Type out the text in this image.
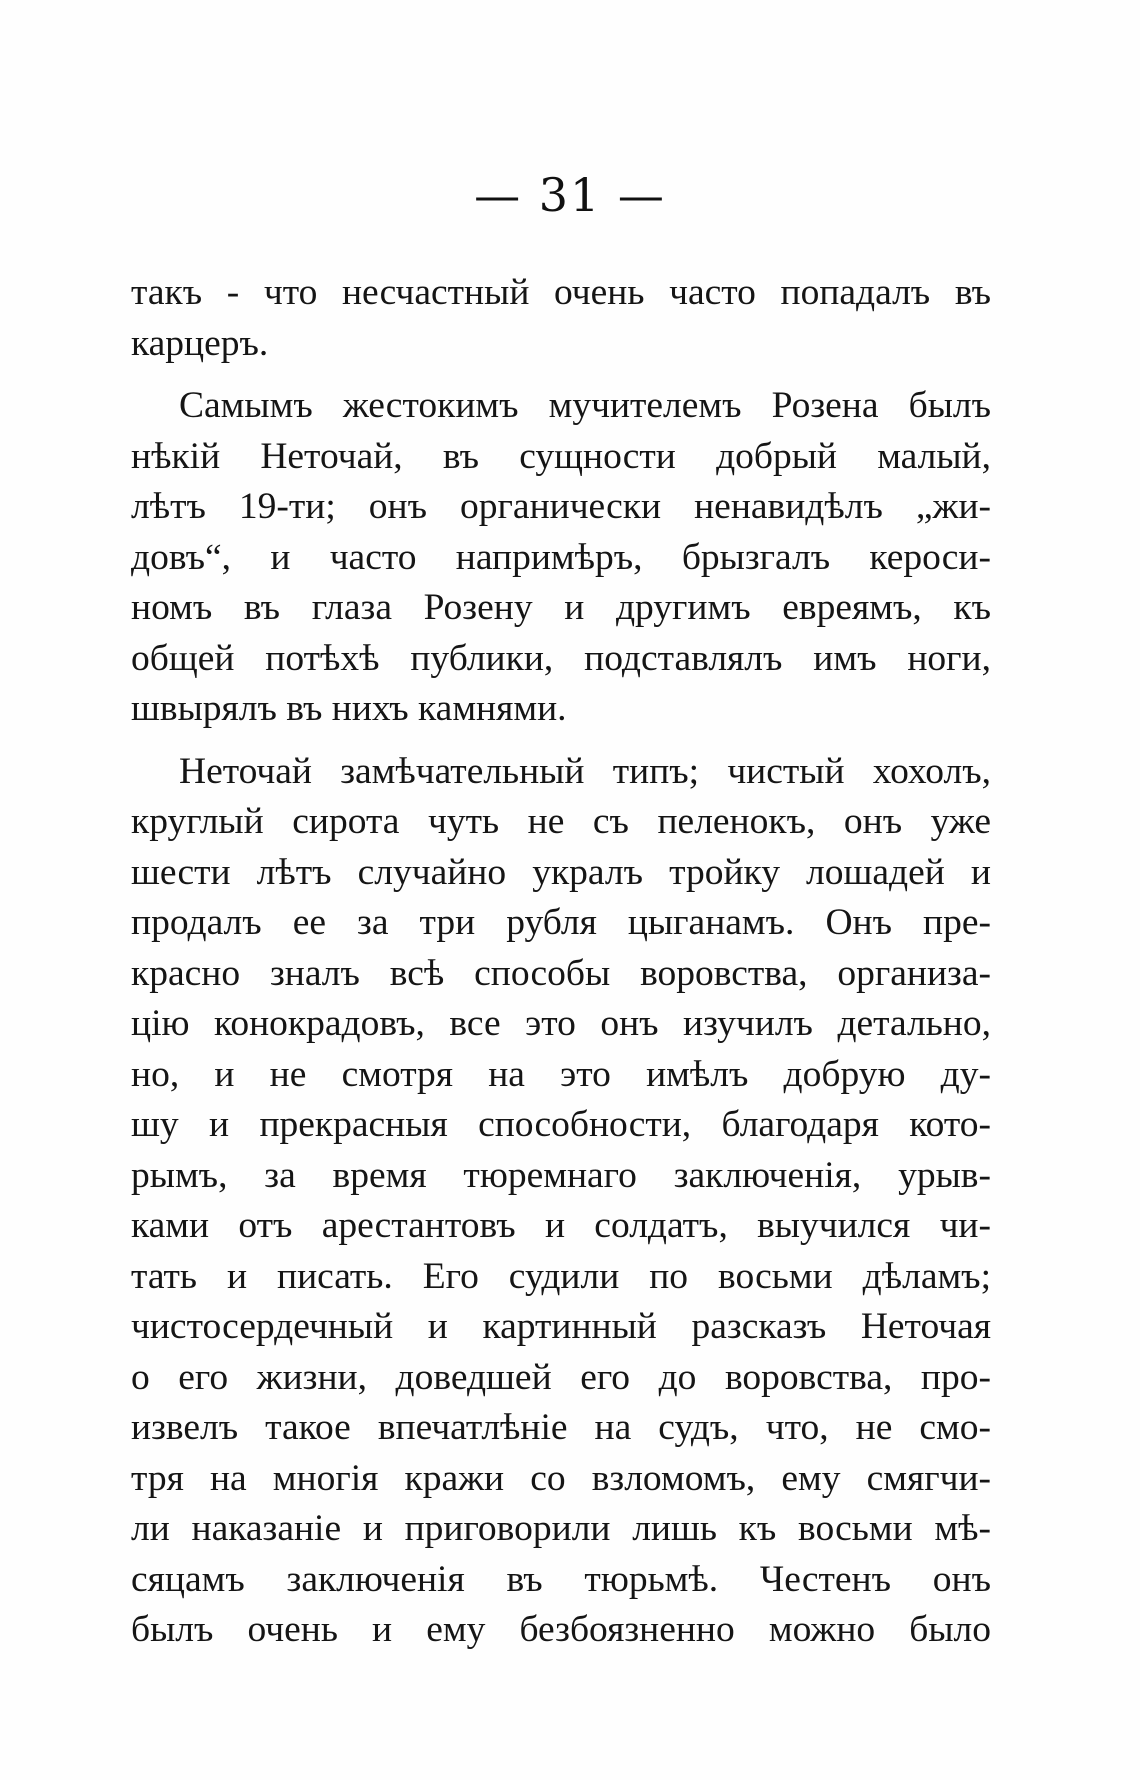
— 31 —
такъ - что несчастный очень часто попадалъ въ
карцеръ.
Самымъ жестокимъ мучителемъ Розена былъ
нѣкій Неточай, въ сущности добрый малый,
лѣтъ 19-ти; онъ органически ненавидѣлъ „жи-
довъ“, и часто напримѣръ, брызгалъ кероси-
номъ въ глаза Розену и другимъ евреямъ, къ
общей потѣхѣ публики, подставлялъ имъ ноги,
швырялъ въ нихъ камнями.
Неточай замѣчательный типъ; чистый хохолъ,
круглый сирота чуть не съ пеленокъ, онъ уже
шести лѣтъ случайно укралъ тройку лошадей и
продалъ ее за три рубля цыганамъ. Онъ пре-
красно зналъ всѣ способы воровства, организа-
цію конокрадовъ, все это онъ изучилъ детально,
но, и не смотря на это имѣлъ добрую ду-
шу и прекрасныя способности, благодаря кото-
рымъ, за время тюремнаго заключенія, урыв-
ками отъ арестантовъ и солдатъ, выучился чи-
тать и писать. Его судили по восьми дѣламъ;
чистосердечный и картинный разсказъ Неточая
о его жизни, доведшей его до воровства, про-
извелъ такое впечатлѣніе на судъ, что, не смо-
тря на многія кражи со взломомъ, ему смягчи-
ли наказаніе и приговорили лишь къ восьми мѣ-
сяцамъ заключенія въ тюрьмѣ. Честенъ онъ
былъ очень и ему безбоязненно можно было
